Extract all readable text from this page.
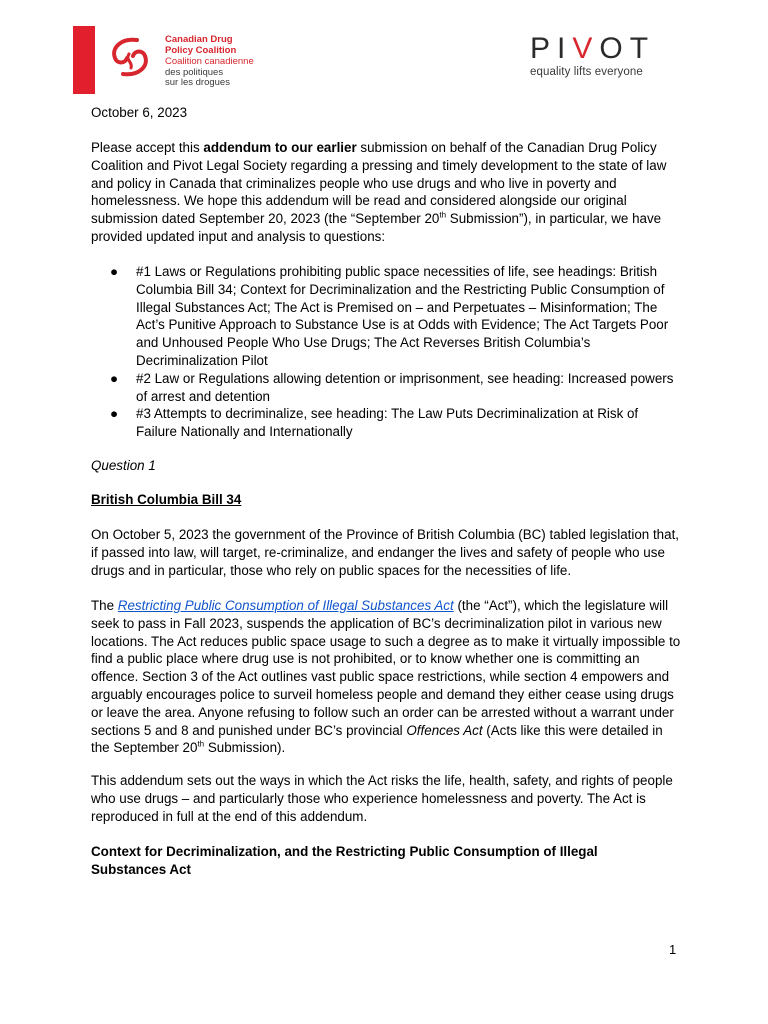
Canadian Drug
Policy Coalition
Coalition canadienne
des politiques
sur les drogues
PIVOT
equality lifts everyone
October 6, 2023
Please accept this addendum to our earlier submission on behalf of the Canadian Drug Policy Coalition and Pivot Legal Society regarding a pressing and timely development to the state of law and policy in Canada that criminalizes people who use drugs and who live in poverty and homelessness. We hope this addendum will be read and considered alongside our original submission dated September 20, 2023 (the “September 20th Submission”), in particular, we have provided updated input and analysis to questions:
● #1 Laws or Regulations prohibiting public space necessities of life, see headings: British Columbia Bill 34; Context for Decriminalization and the Restricting Public Consumption of Illegal Substances Act; The Act is Premised on – and Perpetuates – Misinformation; The Act’s Punitive Approach to Substance Use is at Odds with Evidence; The Act Targets Poor and Unhoused People Who Use Drugs; The Act Reverses British Columbia’s Decriminalization Pilot
● #2 Law or Regulations allowing detention or imprisonment, see heading: Increased powers of arrest and detention
● #3 Attempts to decriminalize, see heading: The Law Puts Decriminalization at Risk of Failure Nationally and Internationally
Question 1
British Columbia Bill 34
On October 5, 2023 the government of the Province of British Columbia (BC) tabled legislation that, if passed into law, will target, re-criminalize, and endanger the lives and safety of people who use drugs and in particular, those who rely on public spaces for the necessities of life.
The Restricting Public Consumption of Illegal Substances Act (the “Act”), which the legislature will seek to pass in Fall 2023, suspends the application of BC’s decriminalization pilot in various new locations. The Act reduces public space usage to such a degree as to make it virtually impossible to find a public place where drug use is not prohibited, or to know whether one is committing an offence. Section 3 of the Act outlines vast public space restrictions, while section 4 empowers and arguably encourages police to surveil homeless people and demand they either cease using drugs or leave the area. Anyone refusing to follow such an order can be arrested without a warrant under sections 5 and 8 and punished under BC’s provincial Offences Act (Acts like this were detailed in the September 20th Submission).
This addendum sets out the ways in which the Act risks the life, health, safety, and rights of people who use drugs – and particularly those who experience homelessness and poverty. The Act is reproduced in full at the end of this addendum.
Context for Decriminalization, and the Restricting Public Consumption of Illegal Substances Act
1
